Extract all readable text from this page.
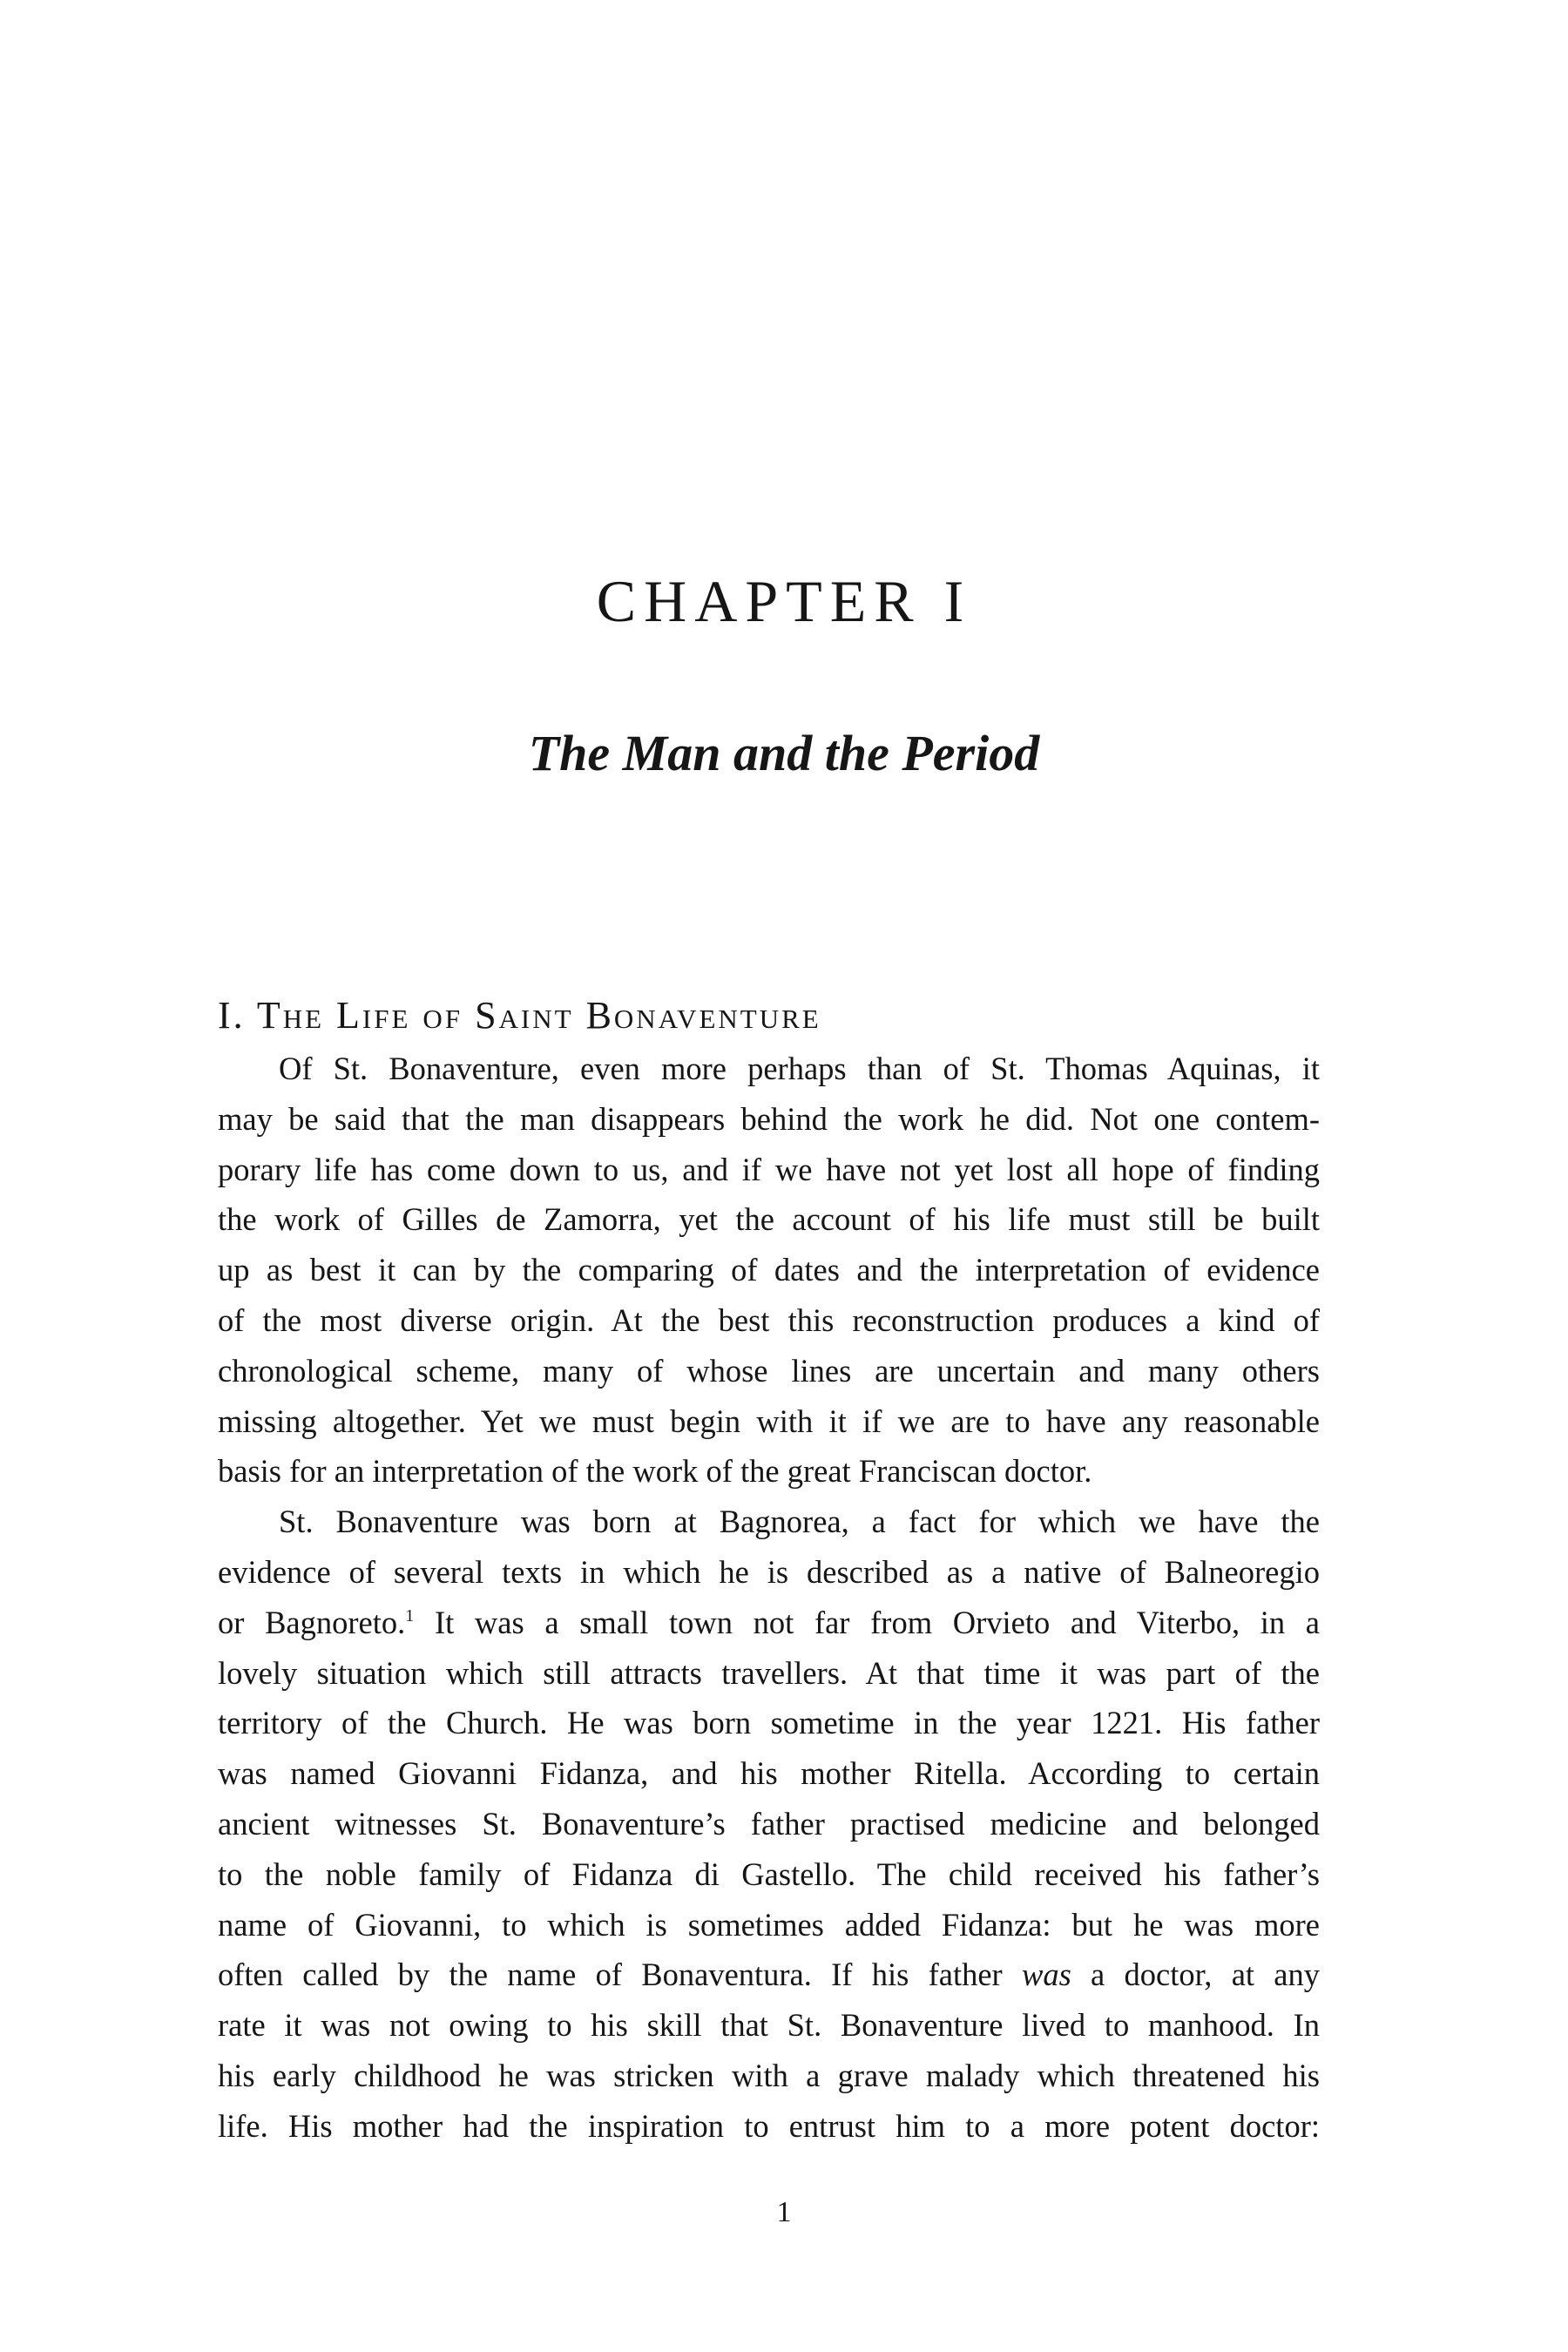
CHAPTER I
The Man and the Period
I. The Life of Saint Bonaventure

Of St. Bonaventure, even more perhaps than of St. Thomas Aquinas, it
may be said that the man disappears behind the work he did. Not one contem-
porary life has come down to us, and if we have not yet lost all hope of finding
the work of Gilles de Zamorra, yet the account of his life must still be built
up as best it can by the comparing of dates and the interpretation of evidence
of the most diverse origin. At the best this reconstruction produces a kind of
chronological scheme, many of whose lines are uncertain and many others
missing altogether. Yet we must begin with it if we are to have any reasonable
basis for an interpretation of the work of the great Franciscan doctor.

St. Bonaventure was born at Bagnorea, a fact for which we have the
evidence of several texts in which he is described as a native of Balneoregio
or Bagnoreto.$^1$ It was a small town not far from Orvieto and Viterbo, in a
lovely situation which still attracts travellers. At that time it was part of the
territory of the Church. He was born sometime in the year 1221. His father
was named Giovanni Fidanza, and his mother Ritella. According to certain
ancient witnesses St. Bonaventure’s father practised medicine and belonged
to the noble family of Fidanza di Gastello. The child received his father’s
name of Giovanni, to which is sometimes added Fidanza: but he was more
often called by the name of Bonaventura. If his father was a doctor, at any
rate it was not owing to his skill that St. Bonaventure lived to manhood. In
his early childhood he was stricken with a grave malady which threatened his
life. His mother had the inspiration to entrust him to a more potent doctor:

1
